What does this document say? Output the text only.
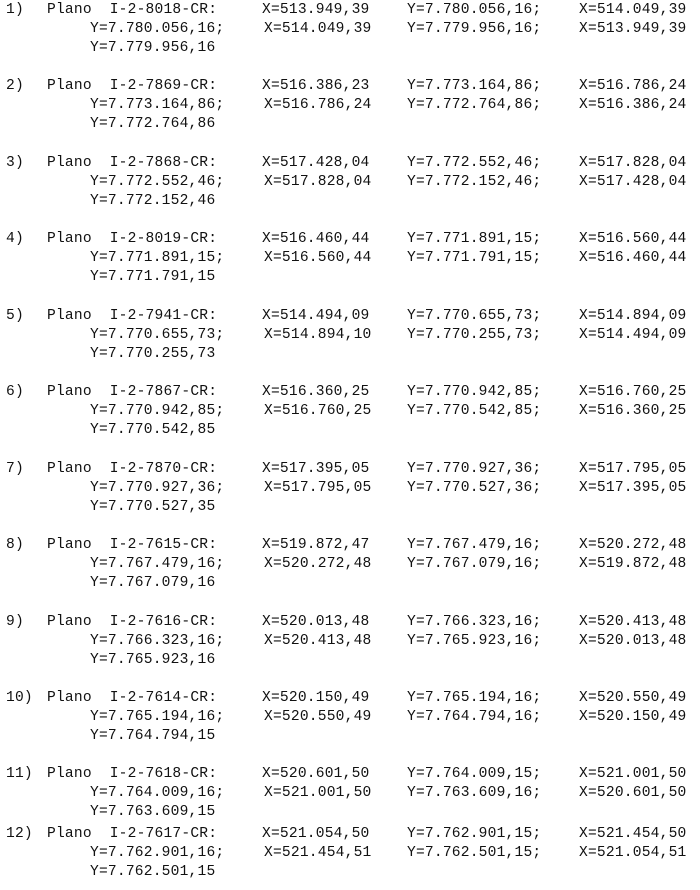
1) Plano  I-2-8018-CR:	X=513.949,39	Y=7.780.056,16;	X=514.049,39
Y=7.780.056,16;	X=514.049,39 Y=7.779.956,16;	X=513.949,39
Y=7.779.956,16
2) Plano  I-2-7869-CR:	X=516.386,23	Y=7.773.164,86;	X=516.786,24
Y=7.773.164,86;	X=516.786,24 Y=7.772.764,86;	X=516.386,24
Y=7.772.764,86
3) Plano  I-2-7868-CR:	X=517.428,04	Y=7.772.552,46;	X=517.828,04
Y=7.772.552,46;	X=517.828,04 Y=7.772.152,46;	X=517.428,04
Y=7.772.152,46
4) Plano  I-2-8019-CR:	X=516.460,44	Y=7.771.891,15;	X=516.560,44
Y=7.771.891,15;	X=516.560,44 Y=7.771.791,15;	X=516.460,44
Y=7.771.791,15
5) Plano  I-2-7941-CR:	X=514.494,09	Y=7.770.655,73;	X=514.894,09
Y=7.770.655,73;	X=514.894,10 Y=7.770.255,73;	X=514.494,09
Y=7.770.255,73
6) Plano  I-2-7867-CR:	X=516.360,25	Y=7.770.942,85;	X=516.760,25
Y=7.770.942,85;	X=516.760,25 Y=7.770.542,85;	X=516.360,25
Y=7.770.542,85
7) Plano  I-2-7870-CR:	X=517.395,05	Y=7.770.927,36;	X=517.795,05
Y=7.770.927,36;	X=517.795,05 Y=7.770.527,36;	X=517.395,05
Y=7.770.527,35
8) Plano  I-2-7615-CR:	X=519.872,47	Y=7.767.479,16;	X=520.272,48
Y=7.767.479,16;	X=520.272,48 Y=7.767.079,16;	X=519.872,48
Y=7.767.079,16
9) Plano  I-2-7616-CR:	X=520.013,48	Y=7.766.323,16;	X=520.413,48
Y=7.766.323,16;	X=520.413,48 Y=7.765.923,16;	X=520.013,48
Y=7.765.923,16
10) Plano  I-2-7614-CR:	X=520.150,49	Y=7.765.194,16;	X=520.550,49
Y=7.765.194,16;	X=520.550,49 Y=7.764.794,16;	X=520.150,49
Y=7.764.794,15
11) Plano  I-2-7618-CR:	X=520.601,50	Y=7.764.009,15;	X=521.001,50
Y=7.764.009,16;	X=521.001,50 Y=7.763.609,16;	X=520.601,50
Y=7.763.609,15
12) Plano  I-2-7617-CR:	X=521.054,50	Y=7.762.901,15;	X=521.454,50
Y=7.762.901,16;	X=521.454,51 Y=7.762.501,15;	X=521.054,51
Y=7.762.501,15
